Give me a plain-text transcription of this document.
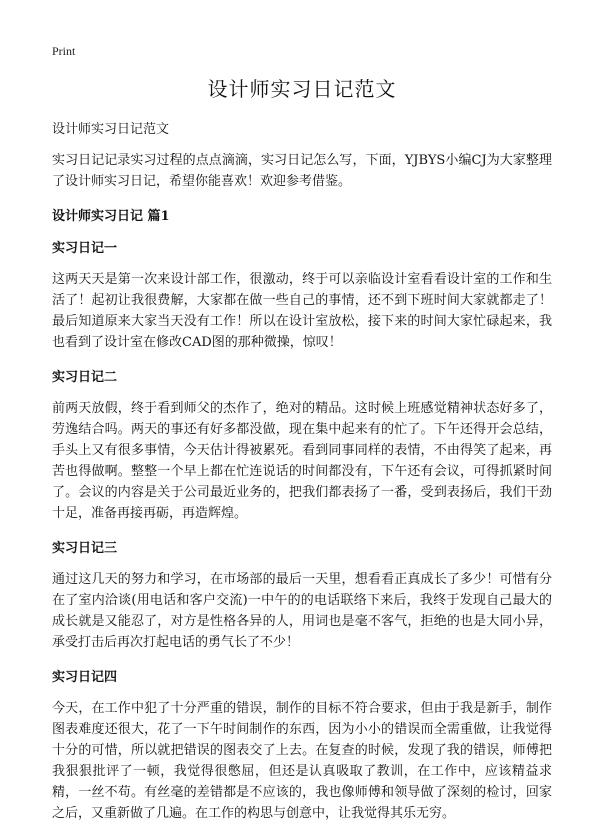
Print
设计师实习日记范文
设计师实习日记范文

实习日记记录实习过程的点点滴滴，实习日记怎么写，下面，YJBYS小编CJ为大家整理了设计师实习日记，希望你能喜欢！欢迎参考借鉴。

设计师实习日记 篇1
实习日记一

这两天天是第一次来设计部工作，很激动，终于可以亲临设计室看看设计室的工作和生活了！起初让我很费解，大家都在做一些自己的事情，还不到下班时间大家就都走了！最后知道原来大家当天没有工作！所以在设计室放松，接下来的时间大家忙碌起来，我也看到了设计室在修改CAD图的那种微操，惊叹！

实习日记二

前两天放假，终于看到师父的杰作了，绝对的精品。这时候上班感觉精神状态好多了，劳逸结合吗。两天的事还有好多都没做，现在集中起来有的忙了。下午还得开会总结，手头上又有很多事情，今天估计得被累死。看到同事同样的表情，不由得笑了起来，再苦也得做啊。整整一个早上都在忙连说话的时间都没有，下午还有会议，可得抓紧时间了。会议的内容是关于公司最近业务的，把我们都表扬了一番，受到表扬后，我们干劲十足，准备再接再砺，再造辉煌。

实习日记三

通过这几天的努力和学习，在市场部的最后一天里，想看看正真成长了多少！可惜有分在了室内洽谈(用电话和客户交流)一中午的的电话联络下来后，我终于发现自己最大的成长就是又能忍了，对方是性格各异的人，用词也是毫不客气，拒绝的也是大同小异，承受打击后再次打起电话的勇气长了不少！

实习日记四

今天，在工作中犯了十分严重的错误，制作的目标不符合要求，但由于我是新手，制作图表难度还很大，花了一下午时间制作的东西，因为小小的错误而全需重做，让我觉得十分的可惜，所以就把错误的图表交了上去。在复查的时候，发现了我的错误，师傅把我狠狠批评了一顿，我觉得很憋屈，但还是认真吸取了教训，在工作中，应该精益求精，一丝不苟。有丝毫的差错都是不应该的，我也像师傅和领导做了深刻的检讨，回家之后，又重新做了几遍。在工作的构思与创意中，让我觉得其乐无穷。
